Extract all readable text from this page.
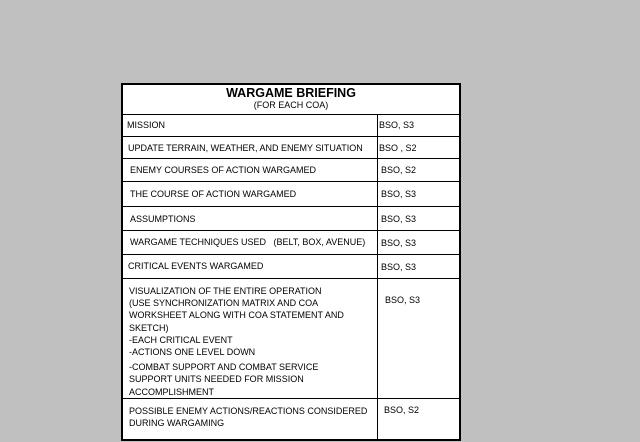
WARGAME BRIEFING
(FOR EACH COA)
MISSION	BSO, S3
UPDATE TERRAIN, WEATHER, AND ENEMY SITUATION BSO , S2
ENEMY COURSES OF ACTION WARGAMED	BSO, S2
THE COURSE OF ACTION WARGAMED	BSO, S3
ASSUMPTIONS	BSO, S3
WARGAME TECHNIQUES USED (BELT, BOX, AVENUE) BSO, S3
CRITICAL EVENTS WARGAMED	BSO, S3
VISUALIZATION OF THE ENTIRE OPERATION
(USE SYNCHRONIZATION MATRIX AND COA
WORKSHEET ALONG WITH COA STATEMENT AND
SKETCH)
-EACH CRITICAL EVENT
-ACTIONS ONE LEVEL DOWN
-COMBAT SUPPORT AND COMBAT SERVICE
SUPPORT UNITS NEEDED FOR MISSION
ACCOMPLISHMENT
BSO, S3
POSSIBLE ENEMY ACTIONS/REACTIONS CONSIDERED
DURING WARGAMING
BSO, S2
